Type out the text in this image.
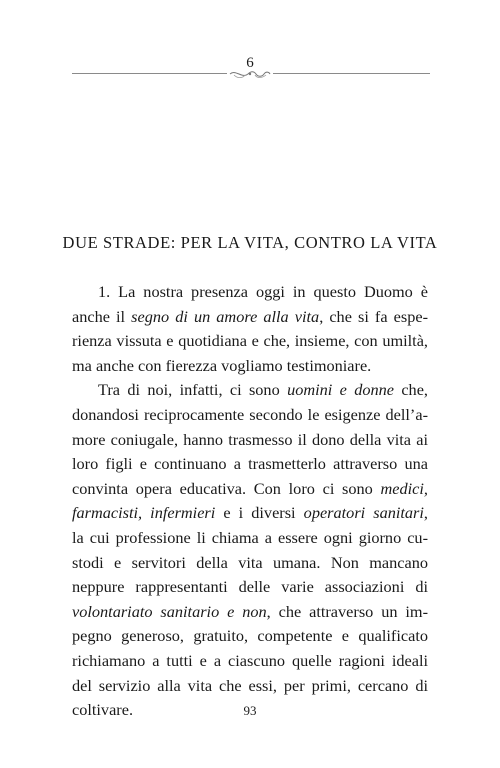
6
DUE STRADE: PER LA VITA, CONTRO LA VITA
1. La nostra presenza oggi in questo Duomo è
anche il segno di un amore alla vita, che si fa espe-
rienza vissuta e quotidiana e che, insieme, con umiltà,
ma anche con fierezza vogliamo testimoniare.
Tra di noi, infatti, ci sono uomini e donne che,
donandosi reciprocamente secondo le esigenze dell’a-
more coniugale, hanno trasmesso il dono della vita ai
loro figli e continuano a trasmetterlo attraverso una
convinta opera educativa. Con loro ci sono medici,
farmacisti, infermieri e i diversi operatori sanitari,
la cui professione li chiama a essere ogni giorno cu-
stodi e servitori della vita umana. Non mancano
neppure rappresentanti delle varie associazioni di
volontariato sanitario e non, che attraverso un im-
pegno generoso, gratuito, competente e qualificato
richiamano a tutti e a ciascuno quelle ragioni ideali
del servizio alla vita che essi, per primi, cercano di
coltivare.	93
